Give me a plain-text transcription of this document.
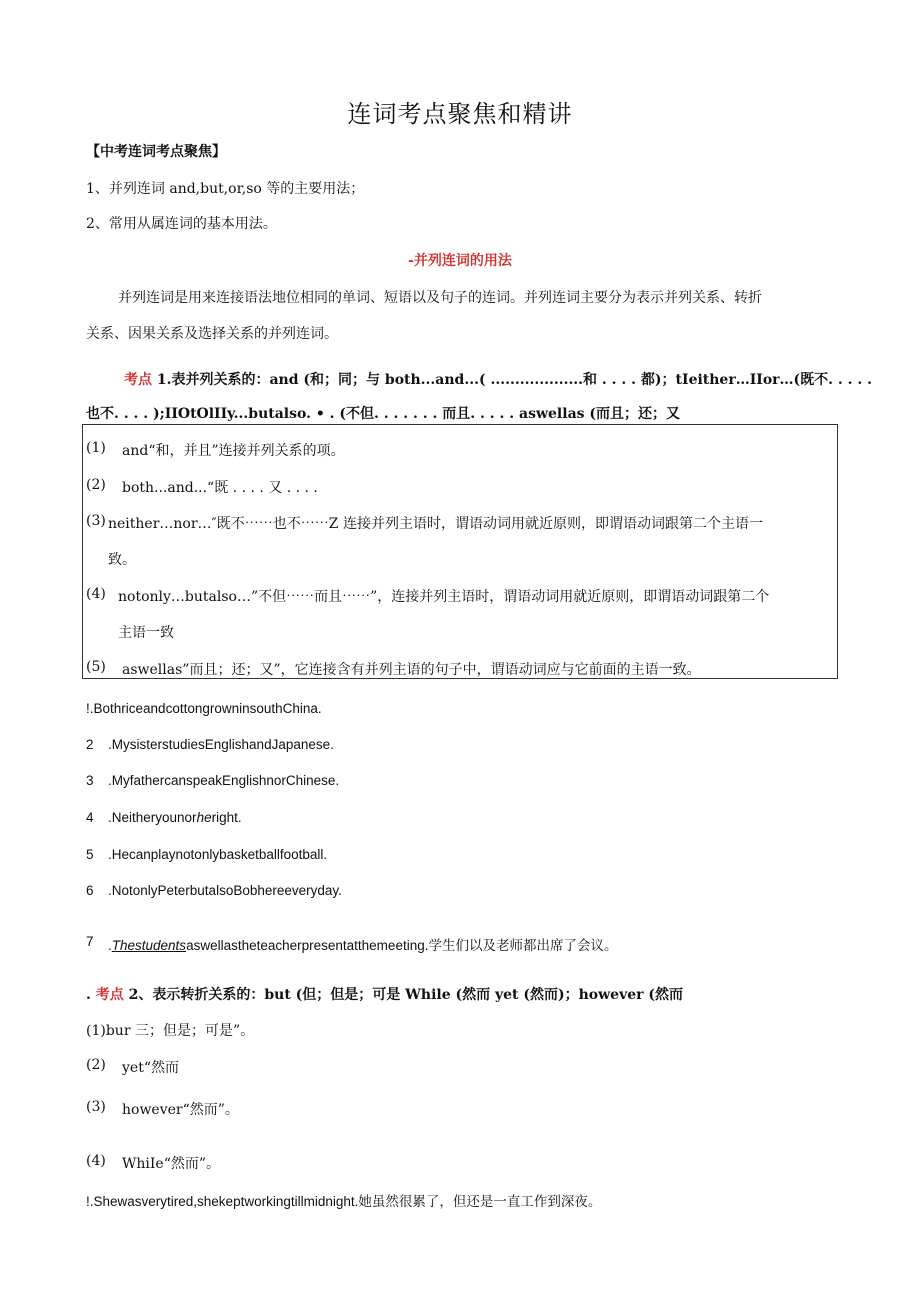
连词考点聚焦和精讲
【中考连词考点聚焦】
1、并列连词 and,but,or,so 等的主要用法；
2、常用从属连词的基本用法。
-并列连词的用法
并列连词是用来连接语法地位相同的单词、短语以及句子的连词。并列连词主要分为表示并列关系、转折
关系、因果关系及选择关系的并列连词。
考点 1.表并列关系的：and (和；同；与 both...and...( ...................和 . . . . 都)；tIeither…IIor…(既不. . . . .
也不. . . . );IIOtOlIIy...butalso. • . (不但. . . . . . . 而且. . . . . aswellas (而且；还；又
(1) and“和，并且”连接并列关系的项。
(2) both...and...“既 . . . . 又 . . . .
(3) neither…nor…″既不⋯⋯也不⋯⋯Z 连接并列主语时，谓语动词用就近原则，即谓语动词跟第二个主语一
致。
(4) notonly…butalso…”不但⋯⋯而且⋯⋯”，连接并列主语时，谓语动词用就近原则，即谓语动词跟第二个
主语一致
(5) aswellas”而且；还；又”，它连接含有并列主语的句子中，谓语动词应与它前面的主语一致。
!.BothriceandcottongrowninsouthChina.
2 .MysisterstudiesEnglishandJapanese.
3 .MyfathercanspeakEnglishnorChinese.
4 .Neitheryounorheright.
5 .Hecanplaynotonlybasketballfootball.
6 .NotonlyPeterbutalsoBobhereeveryday.
7 .Thestudentsaswellastheteacherpresentatthemeeting.学生们以及老师都出席了会议。
. 考点 2、表示转折关系的：but (但；但是；可是 While (然而 yet (然而)；however (然而
(1)bur 三；但是；可是”。
(2) yet“然而
(3) however“然而”。
(4) WhiIe“然而”。
!.Shewasverytired,shekeptworkingtillmidnight.她虽然很累了，但还是一直工作到深夜。
